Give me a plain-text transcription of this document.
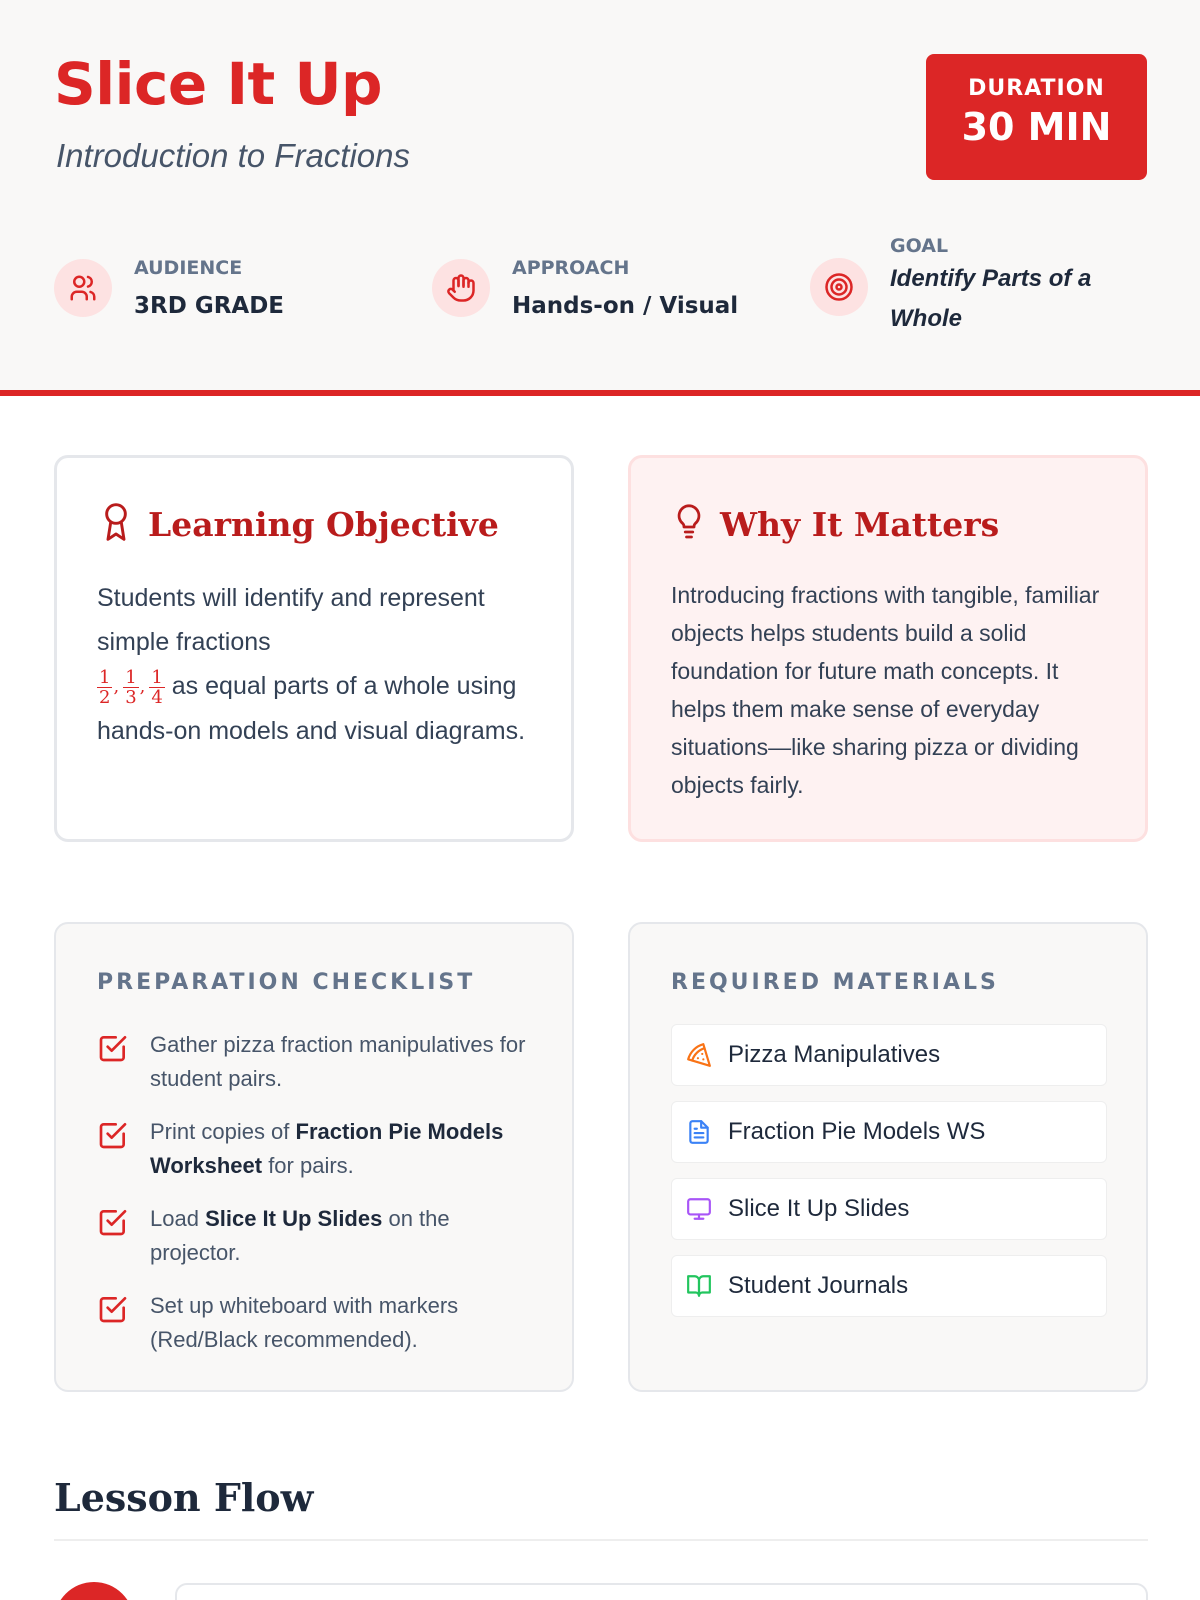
Slice It Up
Introduction to Fractions
DURATION
30 MIN
AUDIENCE
3RD GRADE
APPROACH
Hands-on / Visual
GOAL
Identify Parts of a
Whole
Learning Objective
Students will identify and represent simple fractions

$\frac{1}{2}$ , $\frac{1}{3}$ , $\frac{1}{4}$ as equal parts of a whole using hands-on models and visual diagrams.
Why It Matters
Introducing fractions with tangible, familiar objects helps students build a solid foundation for future math concepts. It helps them make sense of everyday situations—like sharing pizza or dividing objects fairly.
PREPARATION CHECKLIST
Gather pizza fraction manipulatives for student pairs.
Print copies of Fraction Pie Models Worksheet for pairs.
Load Slice It Up Slides on the projector.
Set up whiteboard with markers (Red/Black recommended).
REQUIRED MATERIALS
Pizza Manipulatives
Fraction Pie Models WS
Slice It Up Slides
Student Journals
Lesson Flow
